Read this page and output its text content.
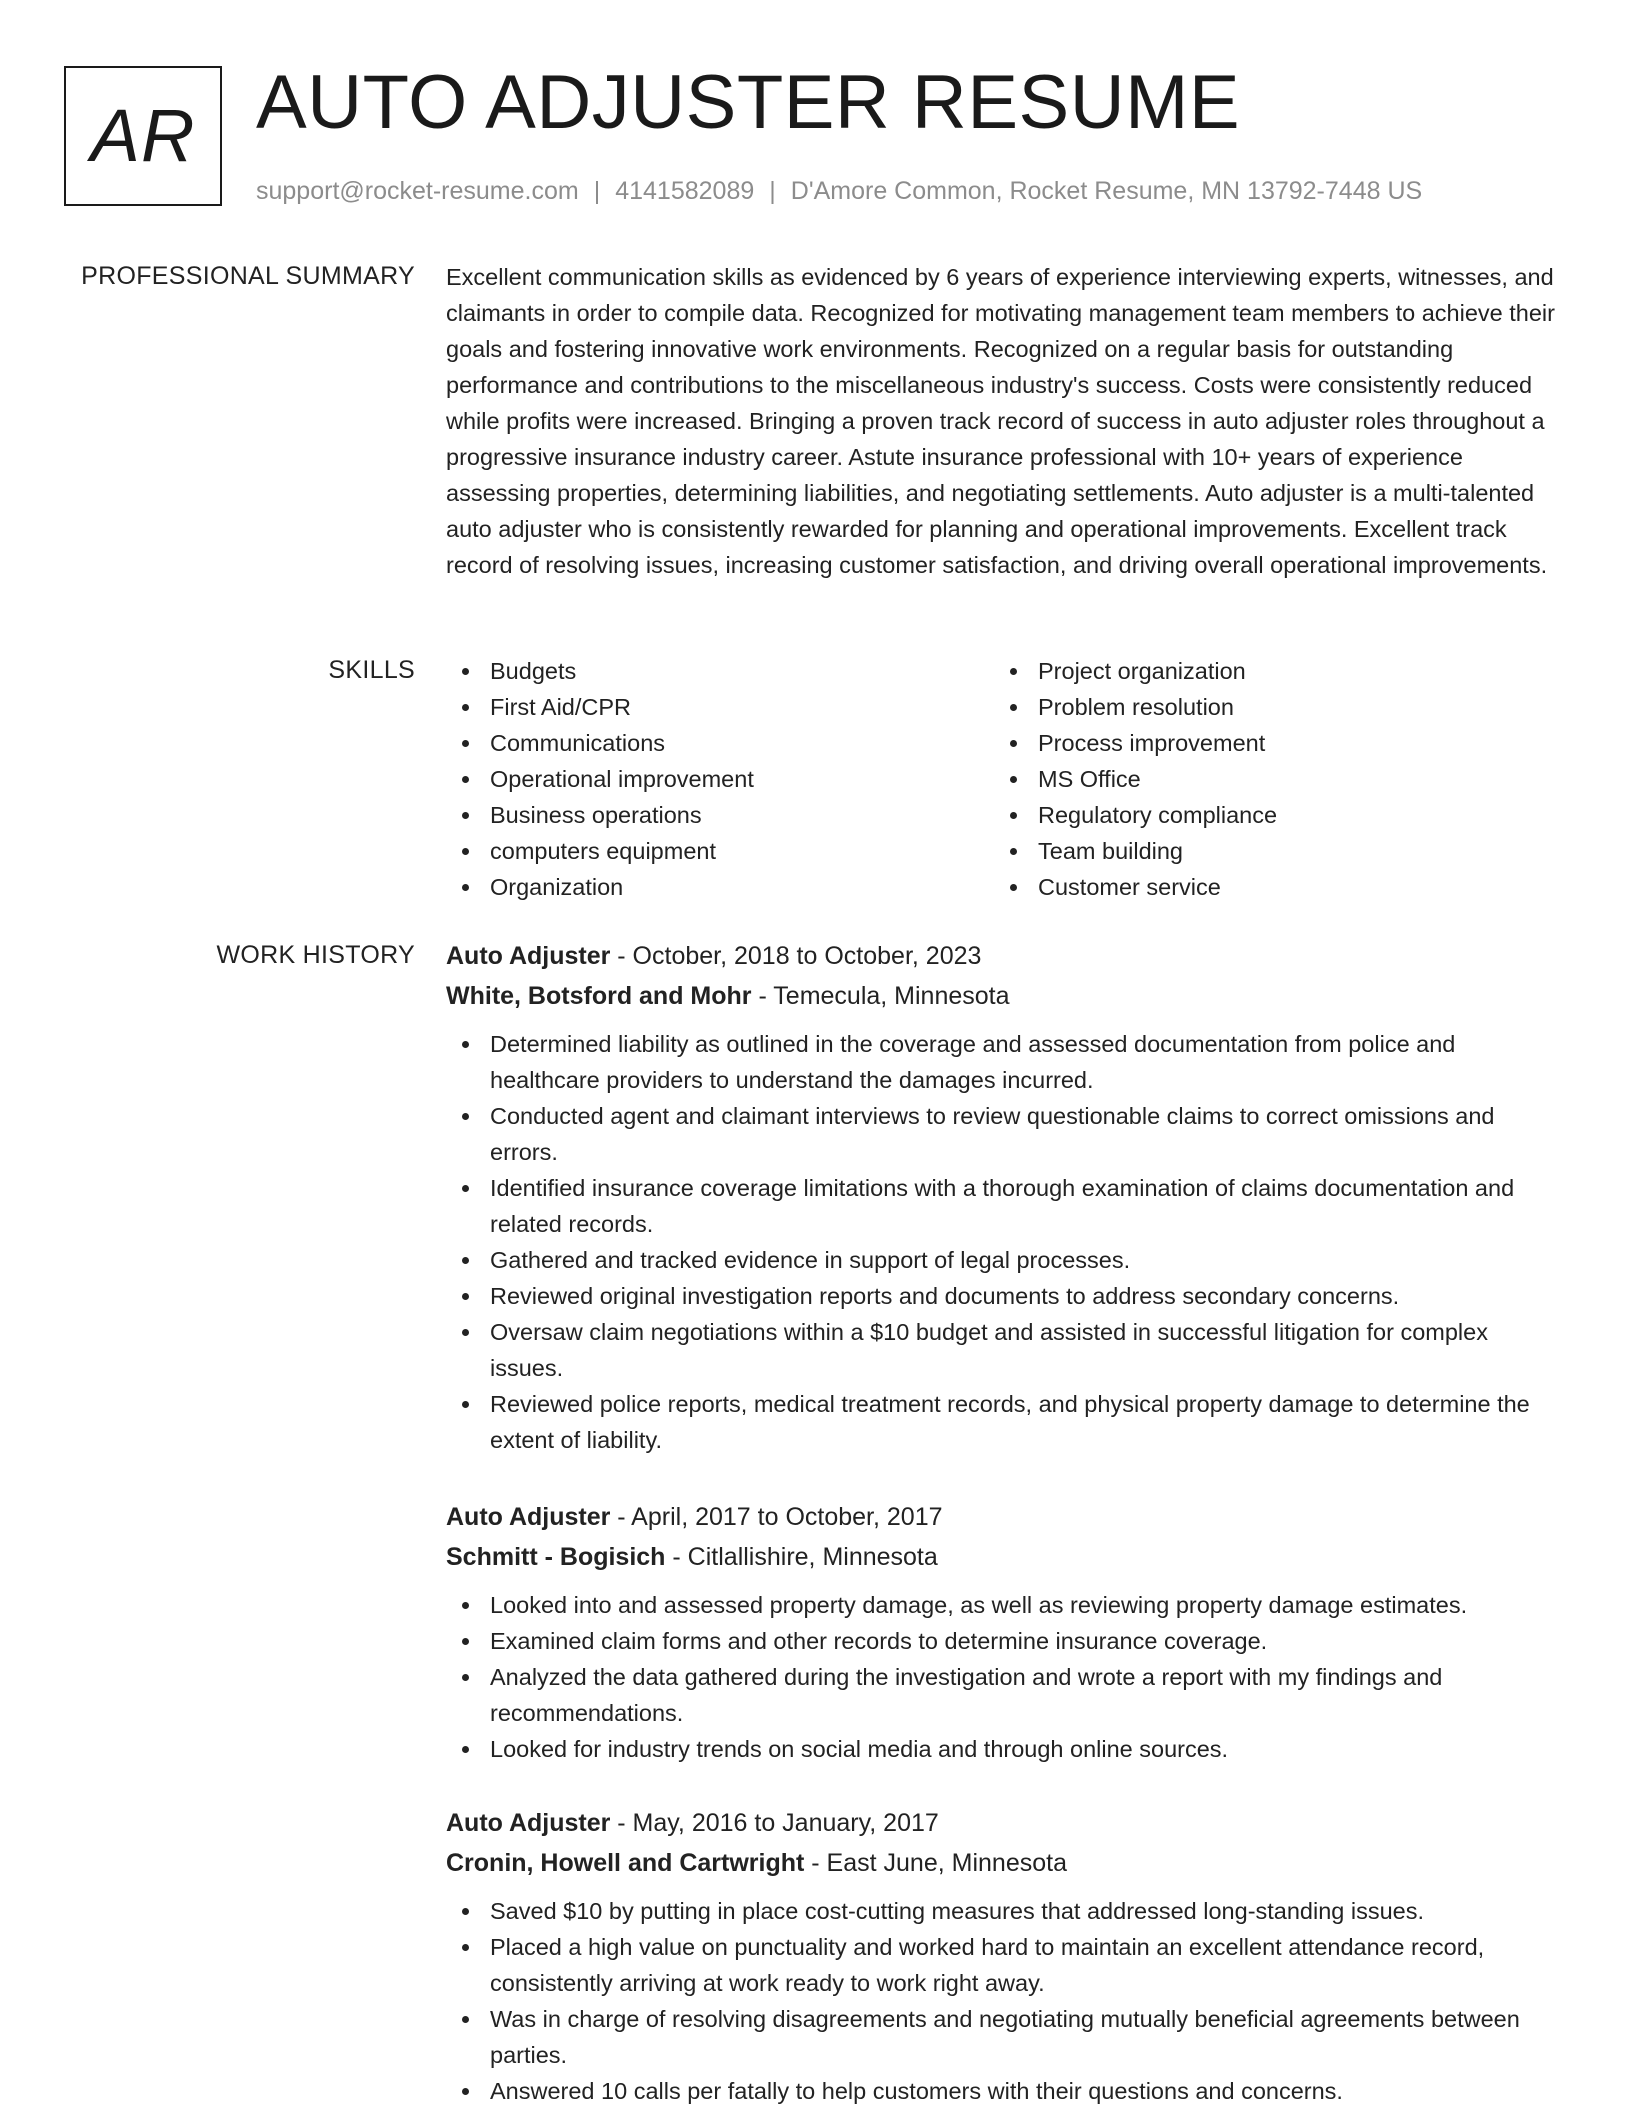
AR AUTO ADJUSTER RESUME
support@rocket-resume.com | 4141582089 | D'Amore Common, Rocket Resume, MN 13792-7448 US
PROFESSIONAL SUMMARY Excellent communication skills as evidenced by 6 years of experience interviewing experts, witnesses, and claimants in order to compile data. Recognized for motivating management team members to achieve their goals and fostering innovative work environments. Recognized on a regular basis for outstanding performance and contributions to the miscellaneous industry's success. Costs were consistently reduced while profits were increased. Bringing a proven track record of success in auto adjuster roles throughout a progressive insurance industry career. Astute insurance professional with 10+ years of experience assessing properties, determining liabilities, and negotiating settlements. Auto adjuster is a multi-talented auto adjuster who is consistently rewarded for planning and operational improvements. Excellent track record of resolving issues, increasing customer satisfaction, and driving overall operational improvements.

SKILLS	Budgets
First Aid/CPR
Communications
Operational improvement
Business operations
computers equipment
Organization
Project organization
Problem resolution
Process improvement
MS Office
Regulatory compliance
Team building
Customer service
WORK HISTORY Auto Adjuster - October, 2018 to October, 2023
White, Botsford and Mohr - Temecula, Minnesota
Determined liability as outlined in the coverage and assessed documentation from police and healthcare providers to understand the damages incurred.
Conducted agent and claimant interviews to review questionable claims to correct omissions and errors.
Identified insurance coverage limitations with a thorough examination of claims documentation and related records.
Gathered and tracked evidence in support of legal processes.
Reviewed original investigation reports and documents to address secondary concerns.
Oversaw claim negotiations within a $10 budget and assisted in successful litigation for complex issues.
Reviewed police reports, medical treatment records, and physical property damage to determine the extent of liability.
Auto Adjuster - April, 2017 to October, 2017
Schmitt - Bogisich - Citlallishire, Minnesota
Looked into and assessed property damage, as well as reviewing property damage estimates.
Examined claim forms and other records to determine insurance coverage.
Analyzed the data gathered during the investigation and wrote a report with my findings and recommendations.
Looked for industry trends on social media and through online sources.
Auto Adjuster - May, 2016 to January, 2017
Cronin, Howell and Cartwright - East June, Minnesota
Saved $10 by putting in place cost-cutting measures that addressed long-standing issues.
Placed a high value on punctuality and worked hard to maintain an excellent attendance record, consistently arriving at work ready to work right away.
Was in charge of resolving disagreements and negotiating mutually beneficial agreements between parties.
Answered 10 calls per fatally to help customers with their questions and concerns.
